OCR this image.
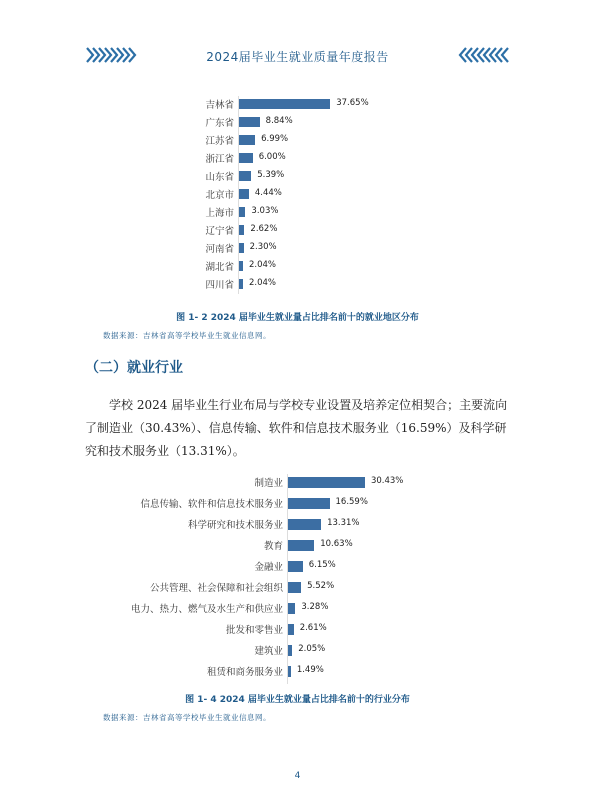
2024届毕业生就业质量年度报告
吉林省	37.65%
广东省	8.84%
江苏省	6.99%
浙江省	6.00%
山东省	5.39%
北京市 4.44%
上海市 3.03%
辽宁省 2.62%
河南省 2.30%
湖北省 2.04%
四川省 2.04%
图 1- 2 2024 届毕业生就业量占比排名前十的就业地区分布
数据来源：吉林省高等学校毕业生就业信息网。
（二）就业行业

学校 2024 届毕业生行业布局与学校专业设置及培养定位相契合；主要流向了制造业（30.43%）、信息传输、软件和信息技术服务业（16.59%）及科学研究和技术服务业（13.31%）。

制造业	30.43%
信息传输、软件和信息技术服务业	16.59%
科学研究和技术服务业	13.31%
教育	10.63%
金融业	6.15%
公共管理、社会保障和社会组织	5.52%
电力、热力、燃气及水生产和供应业 3.28%
批发和零售业 2.61%
建筑业 2.05%
租赁和商务服务业 1.49%
图 1- 4 2024 届毕业生就业量占比排名前十的行业分布
数据来源：吉林省高等学校毕业生就业信息网。
4
